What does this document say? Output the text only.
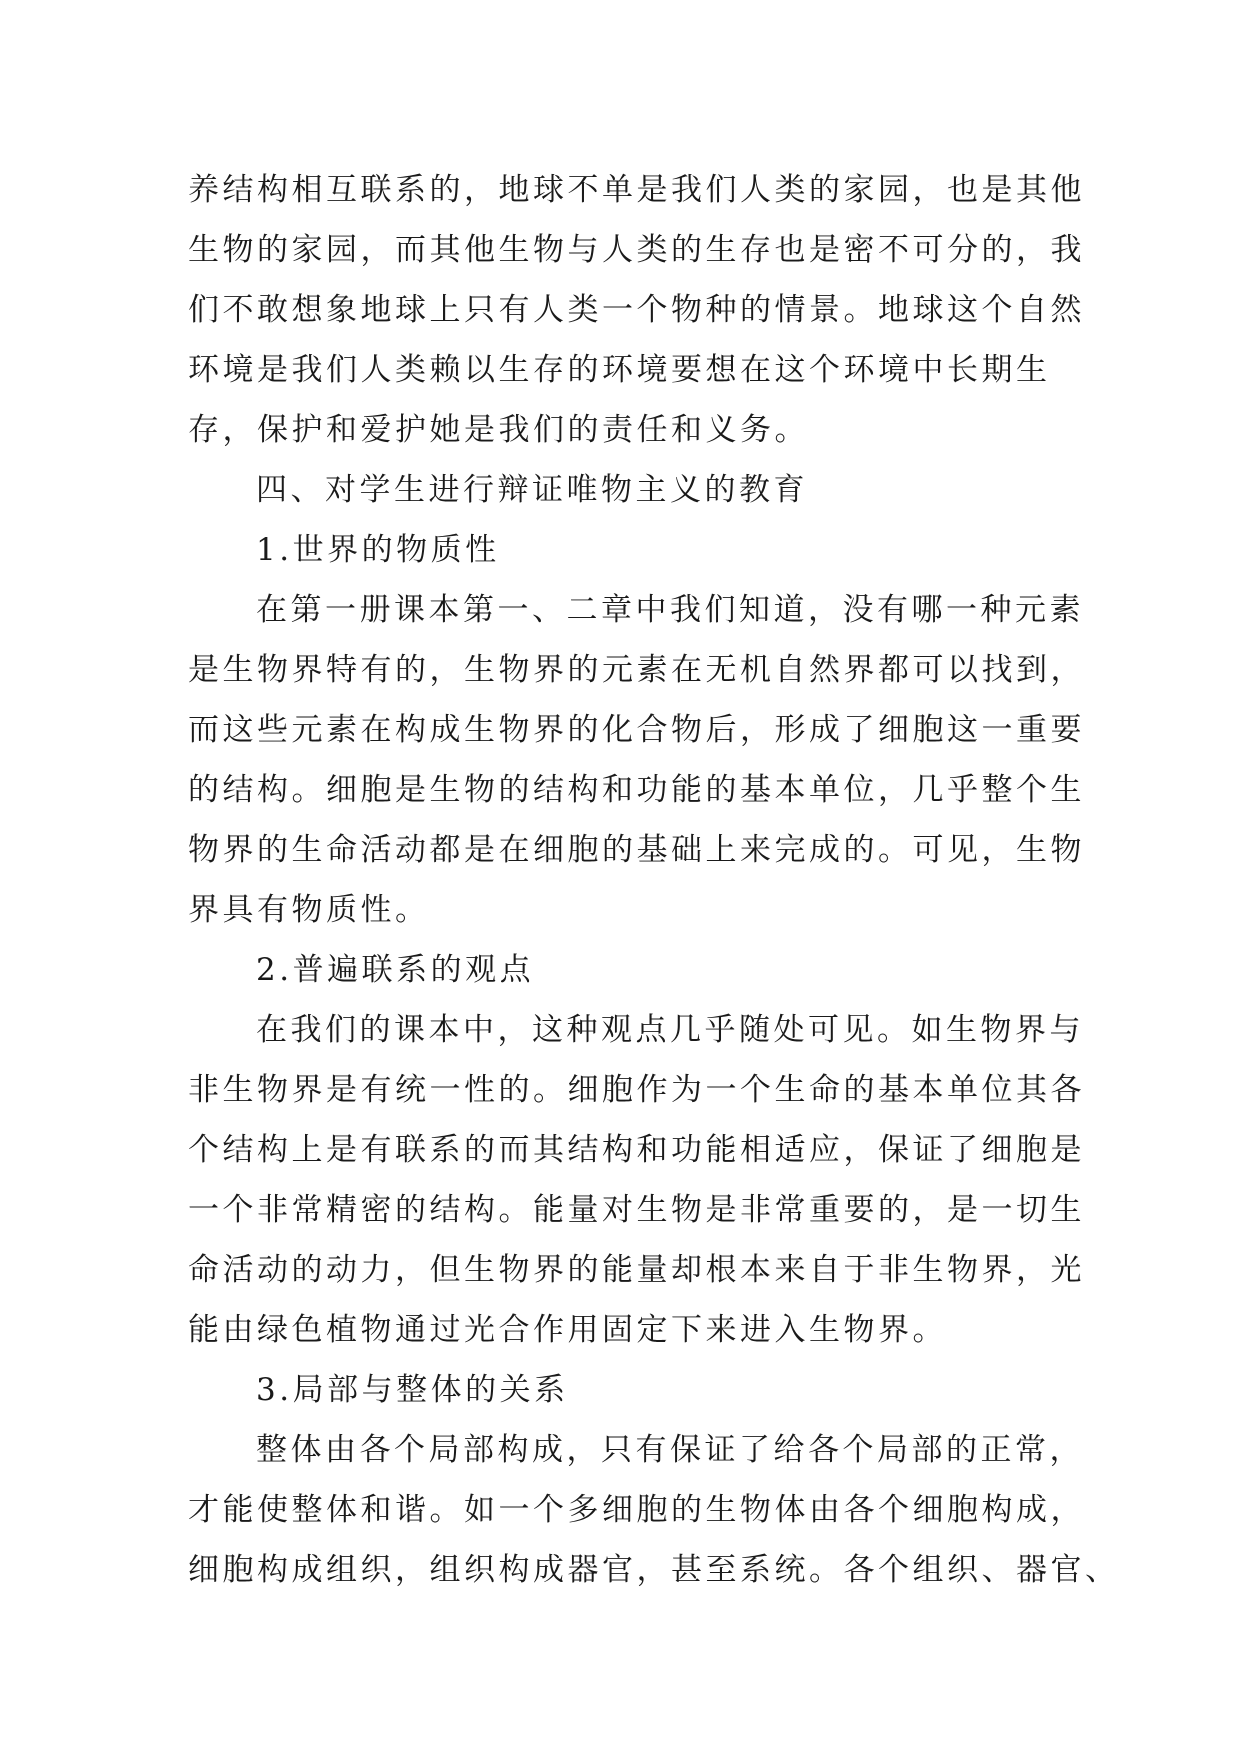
养结构相互联系的，地球不单是我们人类的家园，也是其他
生物的家园，而其他生物与人类的生存也是密不可分的，我
们不敢想象地球上只有人类一个物种的情景。地球这个自然
环境是我们人类赖以生存的环境要想在这个环境中长期生
存，保护和爱护她是我们的责任和义务。
四、对学生进行辩证唯物主义的教育
1.世界的物质性
在第一册课本第一、二章中我们知道，没有哪一种元素
是生物界特有的，生物界的元素在无机自然界都可以找到，
而这些元素在构成生物界的化合物后，形成了细胞这一重要
的结构。细胞是生物的结构和功能的基本单位，几乎整个生
物界的生命活动都是在细胞的基础上来完成的。可见，生物
界具有物质性。
2.普遍联系的观点
在我们的课本中，这种观点几乎随处可见。如生物界与
非生物界是有统一性的。细胞作为一个生命的基本单位其各
个结构上是有联系的而其结构和功能相适应，保证了细胞是
一个非常精密的结构。能量对生物是非常重要的，是一切生
命活动的动力，但生物界的能量却根本来自于非生物界，光
能由绿色植物通过光合作用固定下来进入生物界。
3.局部与整体的关系
整体由各个局部构成，只有保证了给各个局部的正常，
才能使整体和谐。如一个多细胞的生物体由各个细胞构成，
细胞构成组织，组织构成器官，甚至系统。各个组织、器官、
